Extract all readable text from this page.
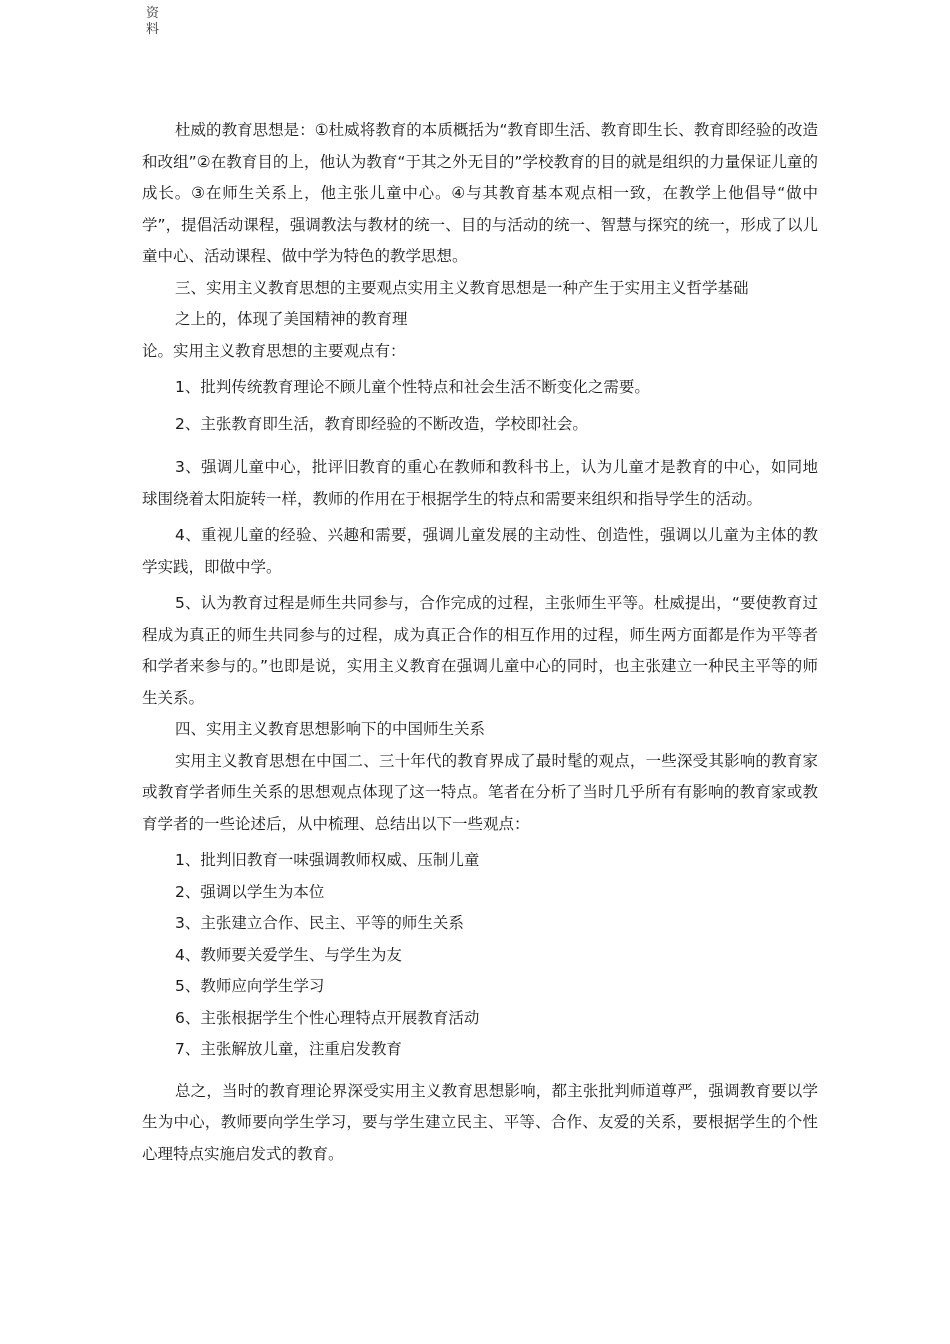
资
料

杜威的教育思想是：①杜威将教育的本质概括为“教育即生活、教育即生长、教育即经验的改造和改组”②在教育目的上，他认为教育“于其之外无目的”学校教育的目的就是组织的力量保证儿童的成长。③在师生关系上，他主张儿童中心。④与其教育基本观点相一致，在教学上他倡导“做中学”，提倡活动课程，强调教法与教材的统一、目的与活动的统一、智慧与探究的统一，形成了以儿童中心、活动课程、做中学为特色的教学思想。

三、实用主义教育思想的主要观点实用主义教育思想是一种产生于实用主义哲学基础

之上的，体现了美国精神的教育理

论。实用主义教育思想的主要观点有：

1、批判传统教育理论不顾儿童个性特点和社会生活不断变化之需要。

2、主张教育即生活，教育即经验的不断改造，学校即社会。

3、强调儿童中心，批评旧教育的重心在教师和教科书上，认为儿童才是教育的中心，如同地球围绕着太阳旋转一样，教师的作用在于根据学生的特点和需要来组织和指导学生的活动。

4、重视儿童的经验、兴趣和需要，强调儿童发展的主动性、创造性，强调以儿童为主体的教学实践，即做中学。

5、认为教育过程是师生共同参与，合作完成的过程，主张师生平等。杜威提出，“要使教育过程成为真正的师生共同参与的过程，成为真正合作的相互作用的过程，师生两方面都是作为平等者和学者来参与的。”也即是说，实用主义教育在强调儿童中心的同时，也主张建立一种民主平等的师生关系。

四、实用主义教育思想影响下的中国师生关系

实用主义教育思想在中国二、三十年代的教育界成了最时髦的观点，一些深受其影响的教育家或教育学者师生关系的思想观点体现了这一特点。笔者在分析了当时几乎所有有影响的教育家或教育学者的一些论述后，从中梳理、总结出以下一些观点：

1、批判旧教育一味强调教师权威、压制儿童

2、强调以学生为本位

3、主张建立合作、民主、平等的师生关系

4、教师要关爱学生、与学生为友

5、教师应向学生学习

6、主张根据学生个性心理特点开展教育活动

7、主张解放儿童，注重启发教育

总之，当时的教育理论界深受实用主义教育思想影响，都主张批判师道尊严，强调教育要以学生为中心，教师要向学生学习，要与学生建立民主、平等、合作、友爱的关系，要根据学生的个性心理特点实施启发式的教育。
